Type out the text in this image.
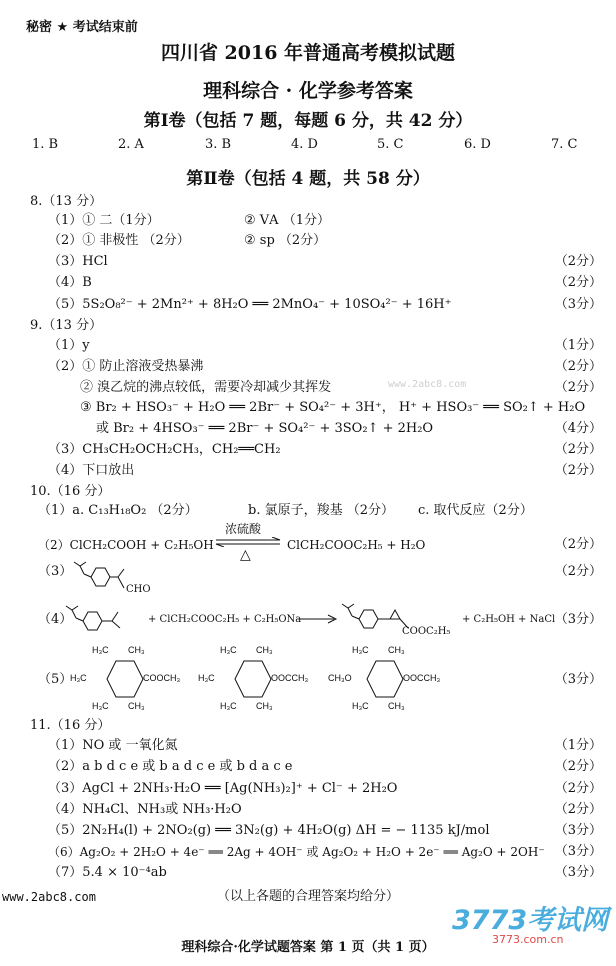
秘密 ★ 考试结束前
四川省 2016 年普通高考模拟试题
理科综合 · 化学参考答案
第Ⅰ卷（包括 7 题，每题 6 分，共 42 分）
1. B	2. A	3. B	4. D	5. C	6. D	7. C
第Ⅱ卷（包括 4 题，共 58 分）
8.（13 分）
（1）① 二（1分）	② ⅤA （1分）
（2）① 非极性 （2分）	② sp （2分）
（3）HCl	（2分）
（4）B	（2分）
（5）5S₂O₈²⁻ + 2Mn²⁺ + 8H₂O ══ 2MnO₄⁻ + 10SO₄²⁻ + 16H⁺	（3分）
9.（13 分）
（1）y	（1分）
（2）① 防止溶液受热暴沸	（2分）
② 溴乙烷的沸点较低，需要冷却减少其挥发	（2分）
③ Br₂ + HSO₃⁻ + H₂O ══ 2Br⁻ + SO₄²⁻ + 3H⁺， H⁺ + HSO₃⁻ ══ SO₂↑ + H₂O
或 Br₂ + 4HSO₃⁻ ══ 2Br⁻ + SO₄²⁻ + 3SO₂↑ + 2H₂O	（4分）
（3）CH₃CH₂OCH₂CH₃，CH₂══CH₂	（2分）
（4）下口放出	（2分）
10.（16 分）
（1）a. C₁₃H₁₈O₂ （2分）	b. 氯原子，羧基 （2分） c. 取代反应（2分）
（2）ClCH₂COOH + C₂H₅OH	ClCH₂COOC₂H₅ + H₂O	（2分）
浓硫酸
△
（3）	（2分）
CHO
（4）	+ ClCH₂COOC₂H₅ + C₂H₅ONa	+ C₂H₅OH + NaCl （3分）
COOC₂H₅
（5）	（3分）
H₃C CH₃
H₃C	COOCH₃
H₃C CH₃
H₃C CH₃
H₃C	OOCCH₃
H₃C CH₃
H₃C CH₃
CH₃O	OOCCH₃
H₃C CH₃
11.（16 分）
（1）NO 或 一氧化氮	（1分）
（2）a b d c e 或 b a d c e 或 b d a c e	（2分）
（3）AgCl + 2NH₃·H₂O ══ [Ag(NH₃)₂]⁺ + Cl⁻ + 2H₂O	（2分）
（4）NH₄Cl、NH₃或 NH₃·H₂O	（2分）
（5）2N₂H₄(l) + 2NO₂(g) ══ 3N₂(g) + 4H₂O(g) ΔH = − 1135 kJ/mol	（3分）
（6）Ag₂O₂ + 2H₂O + 4e⁻ ══ 2Ag + 4OH⁻ 或 Ag₂O₂ + H₂O + 2e⁻ ══ Ag₂O + 2OH⁻ （3分）
（7）5.4 × 10⁻⁴ab	（3分）
www.2abc8.com
www.2abc8.com
3773考试网
3773.com.cn
（以上各题的合理答案均给分）
理科综合·化学试题答案 第 1 页（共 1 页）
